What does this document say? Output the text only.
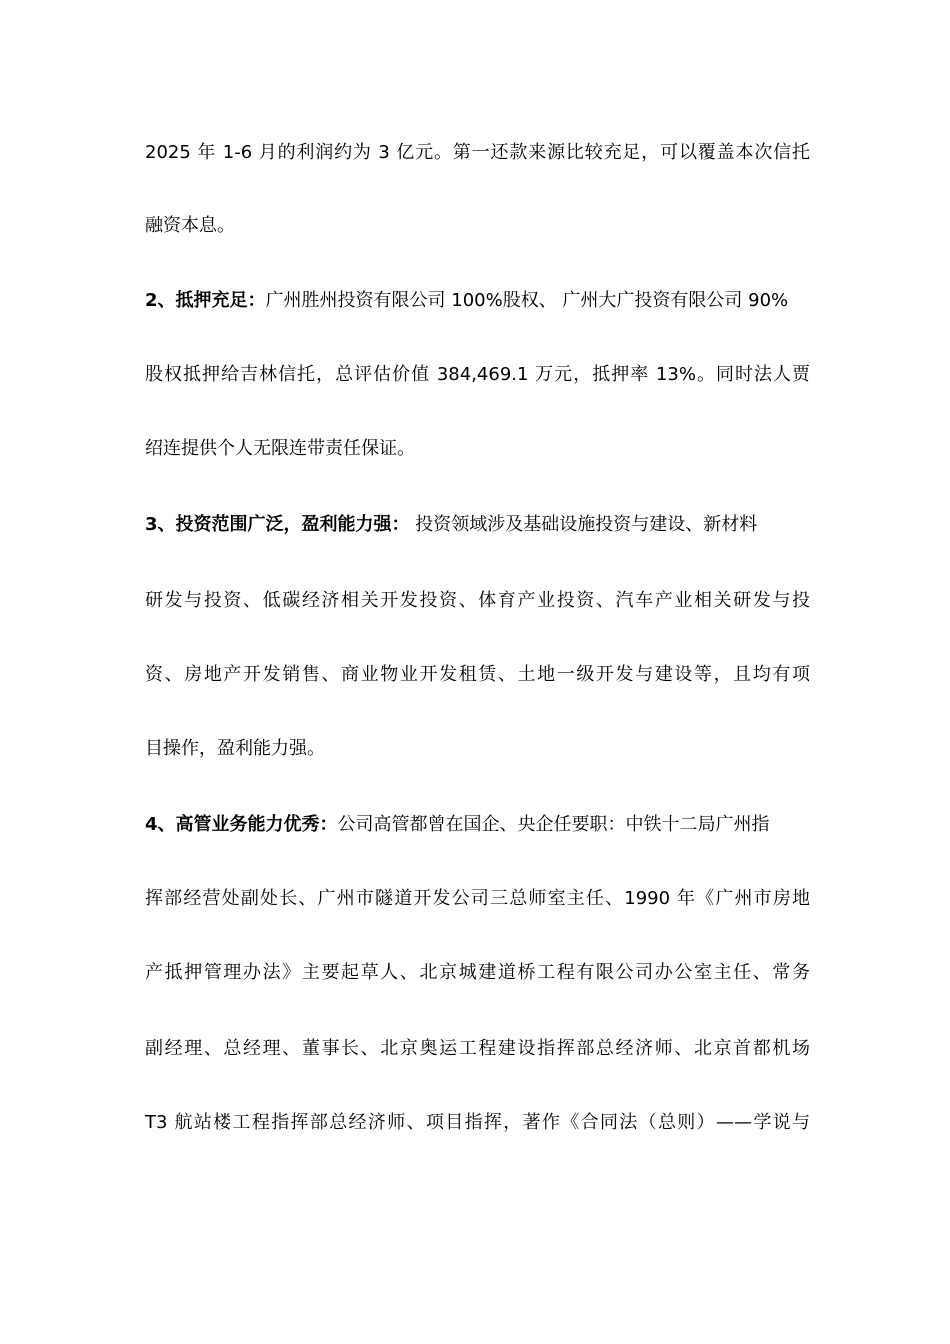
2025 年 1-6 月的利润约为 3 亿元。第一还款来源比较充足，可以覆盖本次信托
融资本息。
2、抵押充足：广州胜州投资有限公司 100%股权、 广州大广投资有限公司 90%
股权抵押给吉林信托，总评估价值 384,469.1 万元，抵押率 13%。同时法人贾
绍连提供个人无限连带责任保证。
3、投资范围广泛，盈利能力强： 投资领域涉及基础设施投资与建设、新材料
研发与投资、低碳经济相关开发投资、体育产业投资、汽车产业相关研发与投
资、房地产开发销售、商业物业开发租赁、土地一级开发与建设等，且均有项
目操作，盈利能力强。
4、高管业务能力优秀：公司高管都曾在国企、央企任要职：中铁十二局广州指
挥部经营处副处长、广州市隧道开发公司三总师室主任、1990 年《广州市房地
产抵押管理办法》主要起草人、北京城建道桥工程有限公司办公室主任、常务
副经理、总经理、董事长、北京奥运工程建设指挥部总经济师、北京首都机场
T3 航站楼工程指挥部总经济师、项目指挥，著作《合同法（总则）——学说与
